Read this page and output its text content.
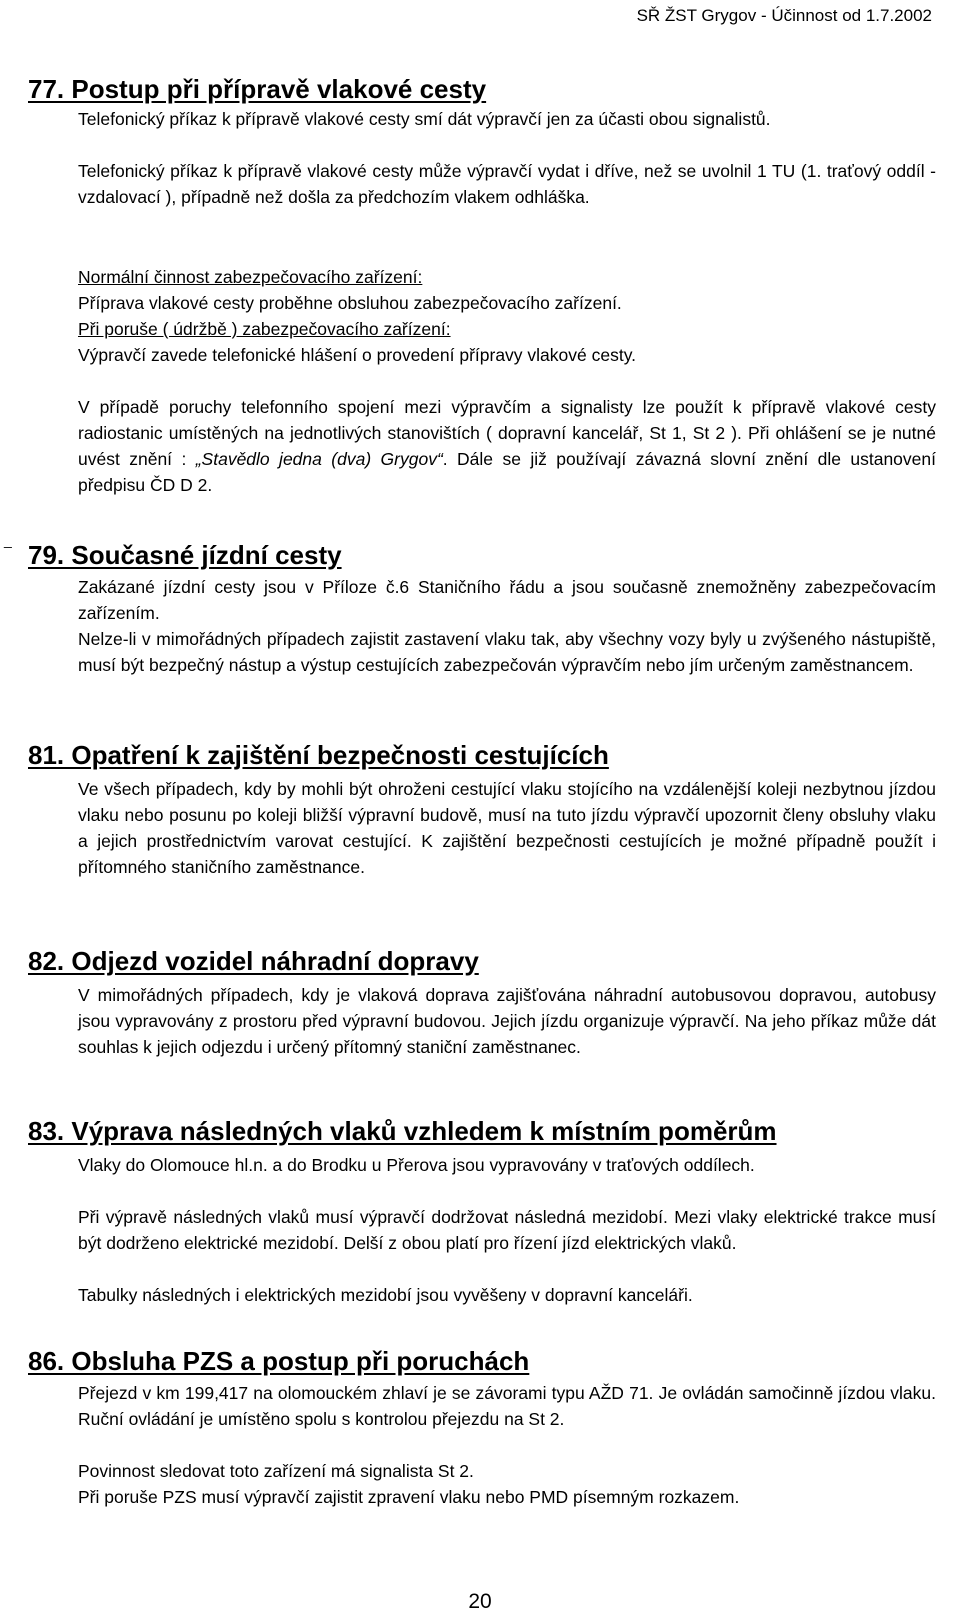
SŘ ŽST Grygov - Účinnost od 1.7.2002
77. Postup při přípravě vlakové cesty
Telefonický příkaz k přípravě vlakové cesty smí dát výpravčí jen za účasti obou signalistů.
Telefonický příkaz k přípravě vlakové cesty může výpravčí vydat i dříve, než se uvolnil 1 TU (1. traťový oddíl - vzdalovací ), případně než došla za předchozím vlakem odhláška.
Normální činnost zabezpečovacího zařízení:
Příprava vlakové cesty proběhne obsluhou zabezpečovacího zařízení.
Při poruše ( údržbě ) zabezpečovacího zařízení:
Výpravčí zavede telefonické hlášení o provedení přípravy vlakové cesty.
V případě poruchy telefonního spojení mezi výpravčím a signalisty lze použít k přípravě vlakové cesty radiostanic umístěných na jednotlivých stanovištích ( dopravní kancelář, St 1, St 2 ). Při ohlášení se je nutné uvést znění : „Stavědlo jedna (dva) Grygov“. Dále se již používají závazná slovní znění dle ustanovení předpisu ČD D 2.
_ 79. Současné jízdní cesty
Zakázané jízdní cesty jsou v Příloze č.6 Staničního řádu a jsou současně znemožněny zabezpečovacím zařízením.
Nelze-li v mimořádných případech zajistit zastavení vlaku tak, aby všechny vozy byly u zvýšeného nástupiště, musí být bezpečný nástup a výstup cestujících zabezpečován výpravčím nebo jím určeným zaměstnancem.
81. Opatření k zajištění bezpečnosti cestujících
Ve všech případech, kdy by mohli být ohroženi cestující vlaku stojícího na vzdálenější koleji nezbytnou jízdou vlaku nebo posunu po koleji bližší výpravní budově, musí na tuto jízdu výpravčí upozornit členy obsluhy vlaku a jejich prostřednictvím varovat cestující. K zajištění bezpečnosti cestujících je možné případně použít i přítomného staničního zaměstnance.
82. Odjezd vozidel náhradní dopravy
V mimořádných případech, kdy je vlaková doprava zajišťována náhradní autobusovou dopravou, autobusy jsou vypravovány z prostoru před výpravní budovou. Jejich jízdu organizuje výpravčí. Na jeho příkaz může dát souhlas k jejich odjezdu i určený přítomný staniční zaměstnanec.
83. Výprava následných vlaků vzhledem k místním poměrům
Vlaky do Olomouce hl.n. a do Brodku u Přerova jsou vypravovány v traťových oddílech.
Při výpravě následných vlaků musí výpravčí dodržovat následná mezidobí. Mezi vlaky elektrické trakce musí být dodrženo elektrické mezidobí. Delší z obou platí pro řízení jízd elektrických vlaků.
Tabulky následných i elektrických mezidobí jsou vyvěšeny v dopravní kanceláři.
86. Obsluha PZS a postup při poruchách
Přejezd v km 199,417 na olomouckém zhlaví je se závorami typu AŽD 71. Je ovládán samočinně jízdou vlaku. Ruční ovládání je umístěno spolu s kontrolou přejezdu na St 2.
Povinnost sledovat toto zařízení má signalista St 2.
Při poruše PZS musí výpravčí zajistit zpravení vlaku nebo PMD písemným rozkazem.
20
